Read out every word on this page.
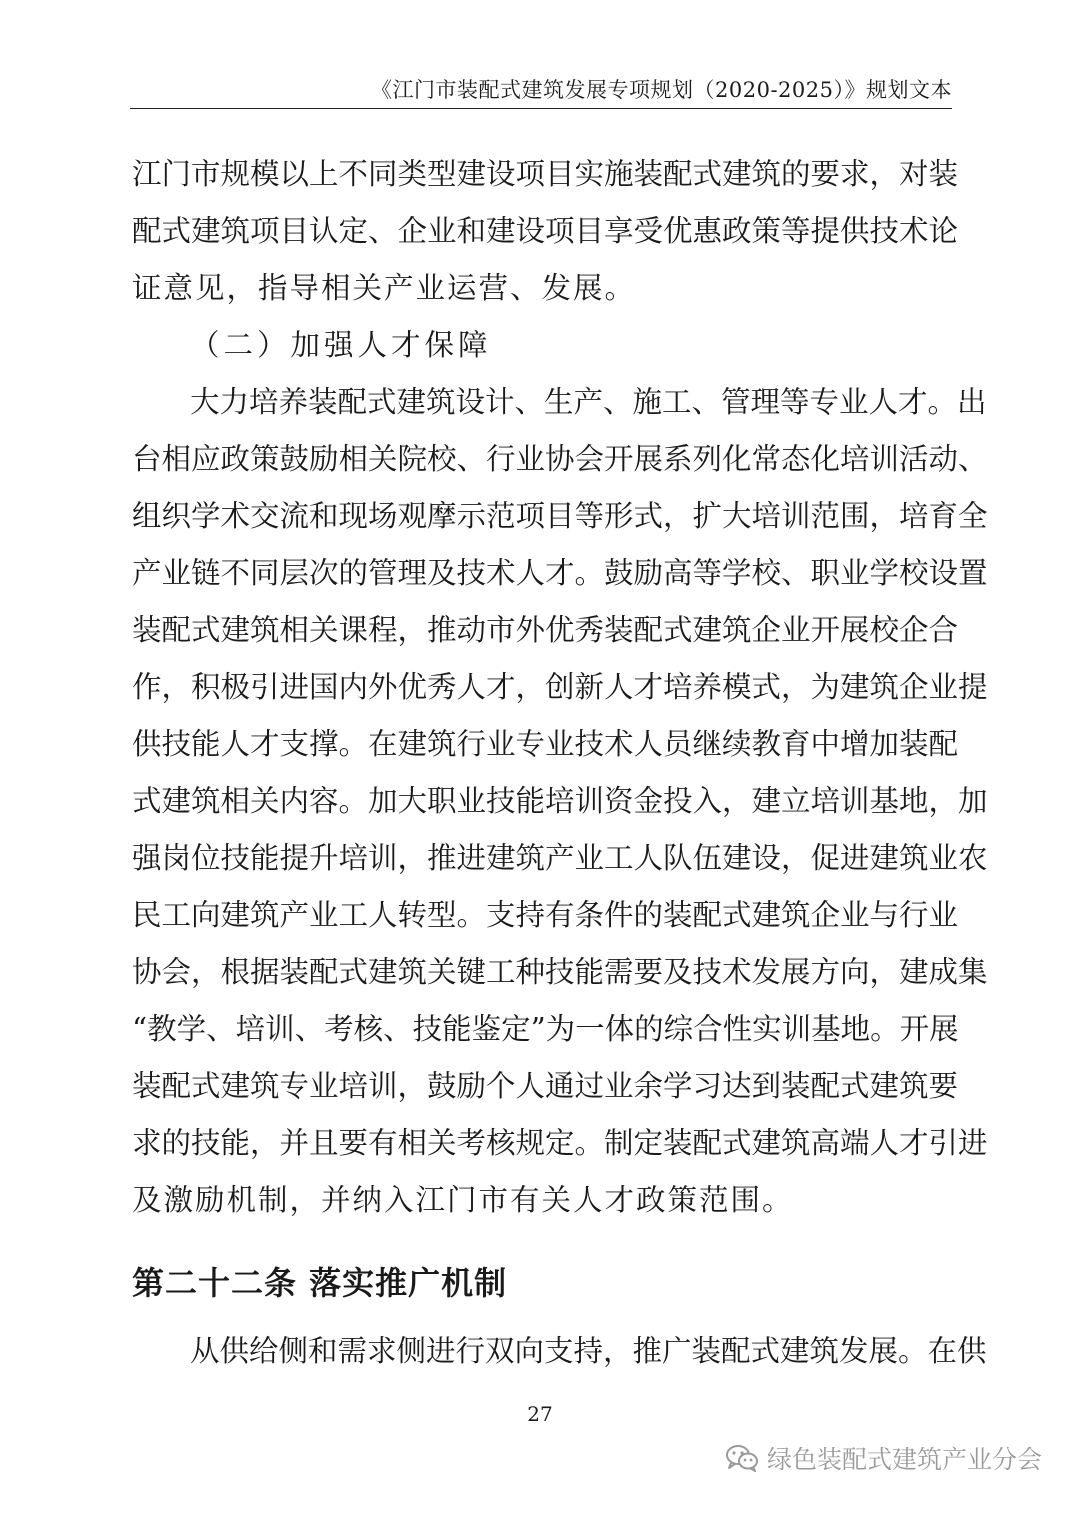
《江门市装配式建筑发展专项规划（2020-2025）》规划文本
江门市规模以上不同类型建设项目实施装配式建筑的要求，对装
配式建筑项目认定、企业和建设项目享受优惠政策等提供技术论
证意见，指导相关产业运营、发展。
（二）加强人才保障
大力培养装配式建筑设计、生产、施工、管理等专业人才。出
台相应政策鼓励相关院校、行业协会开展系列化常态化培训活动、
组织学术交流和现场观摩示范项目等形式，扩大培训范围，培育全
产业链不同层次的管理及技术人才。鼓励高等学校、职业学校设置
装配式建筑相关课程，推动市外优秀装配式建筑企业开展校企合
作，积极引进国内外优秀人才，创新人才培养模式，为建筑企业提
供技能人才支撑。在建筑行业专业技术人员继续教育中增加装配
式建筑相关内容。加大职业技能培训资金投入，建立培训基地，加
强岗位技能提升培训，推进建筑产业工人队伍建设，促进建筑业农
民工向建筑产业工人转型。支持有条件的装配式建筑企业与行业
协会，根据装配式建筑关键工种技能需要及技术发展方向，建成集
“教学、培训、考核、技能鉴定”为一体的综合性实训基地。开展
装配式建筑专业培训，鼓励个人通过业余学习达到装配式建筑要
求的技能，并且要有相关考核规定。制定装配式建筑高端人才引进
及激励机制，并纳入江门市有关人才政策范围。
第二十二条 落实推广机制
从供给侧和需求侧进行双向支持，推广装配式建筑发展。在供
27
绿色装配式建筑产业分会
